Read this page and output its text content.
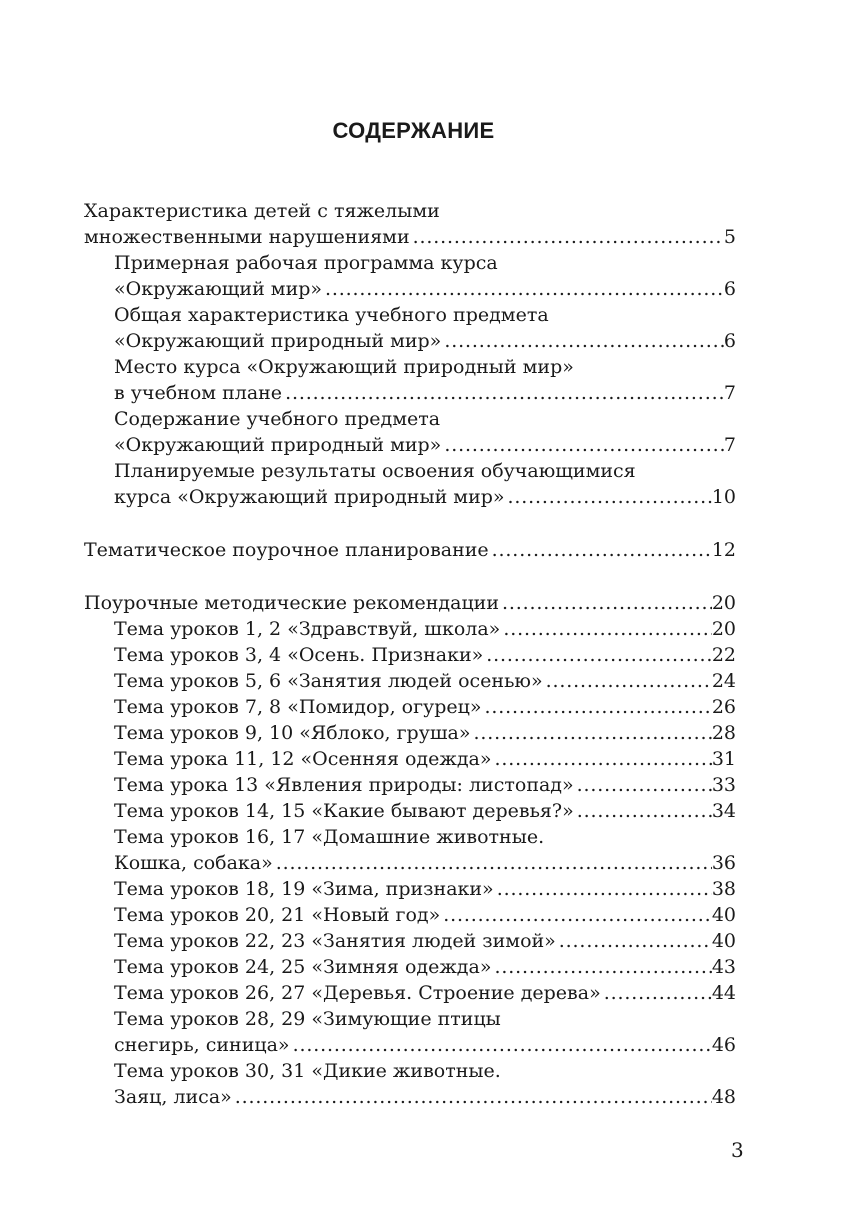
СОДЕРЖАНИЕ
Характеристика детей с тяжелыми
множественными нарушениями . . .	5
Примерная рабочая программа курса
«Окружающий мир» . . .	6
Общая характеристика учебного предмета
«Окружающий природный мир» . . .	6
Место курса «Окружающий природный мир»
в учебном плане . . .	7
Содержание учебного предмета
«Окружающий природный мир» . . .	7
Планируемые результаты освоения обучающимися
курса «Окружающий природный мир» . . .	10
Тематическое поурочное планирование . . .	12
Поурочные методические рекомендации . . .	20
Тема уроков 1, 2 «Здравствуй, школа» . . .	20
Тема уроков 3, 4 «Осень. Признаки» . . .	22
Тема уроков 5, 6 «Занятия людей осенью» . . .	24
Тема уроков 7, 8 «Помидор, огурец» . . .	26
Тема уроков 9, 10 «Яблоко, груша» . . .	28
Тема урока 11, 12 «Осенняя одежда» . . .	31
Тема урока 13 «Явления природы: листопад» . . .	33
Тема уроков 14, 15 «Какие бывают деревья?» . . .	34
Тема уроков 16, 17 «Домашние животные.
Кошка, собака» . . .	36
Тема уроков 18, 19 «Зима, признаки» . . .	38
Тема уроков 20, 21 «Новый год» . . .	40
Тема уроков 22, 23 «Занятия людей зимой» . . .	40
Тема уроков 24, 25 «Зимняя одежда» . . .	43
Тема уроков 26, 27 «Деревья. Строение дерева» . . .	44
Тема уроков 28, 29 «Зимующие птицы
снегирь, синица» . . .	46
Тема уроков 30, 31 «Дикие животные.
Заяц, лиса» . . .	48
3
